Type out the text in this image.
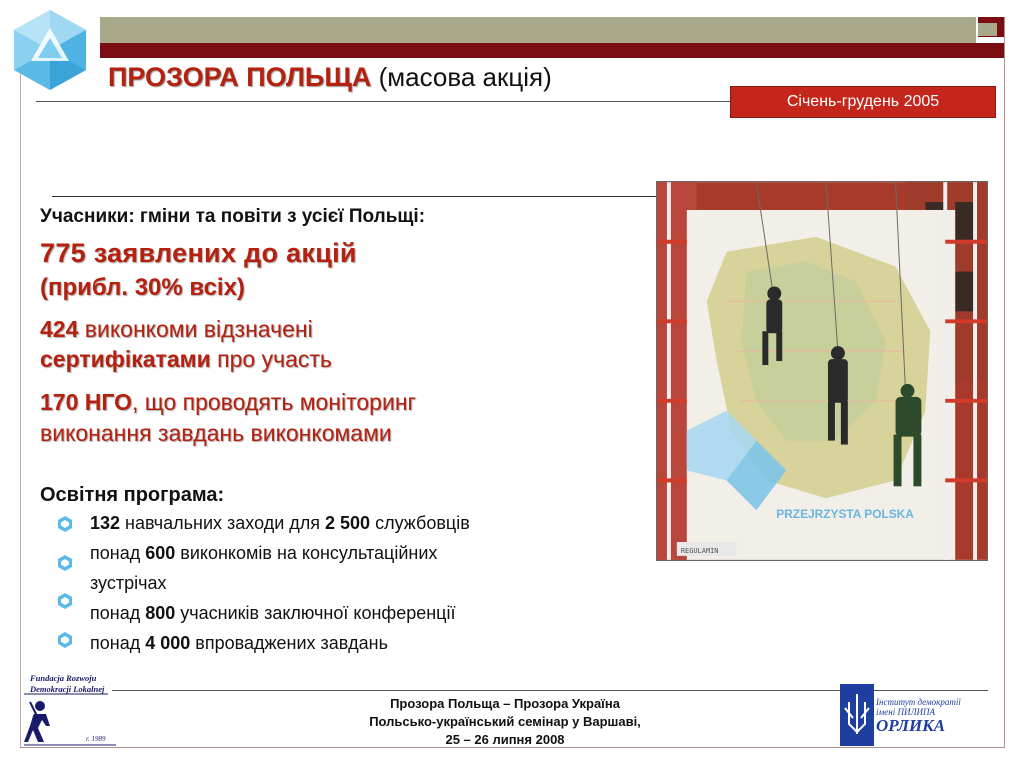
ПРОЗОРА ПОЛЬЩА (масова акція)
Січень-грудень 2005
Учасники: гміни та повіти з усієї Польщі:
775 заявлених до акцій
(прибл. 30% всіх)
424 виконкоми відзначені
сертифікатами про участь
170 НГО, що проводять моніторинг
виконання завдань виконкомами
Освітня програма:
132 навчальних заходи для 2 500 службовців
понад 600 виконкомів на консультаційних
зустрічах
понад 800 учасників заключної конференції
понад 4 000 впроваджених завдань
PRZEJRZYSTA POLSKA
REGULAMIN
Прозора Польща – Прозора Україна
Польсько-український семінар у Варшаві,
25 – 26 липня 2008
Fundacja Rozwoju
Demokracji Lokalnej
r. 1989
Інститут демократії
імені ПИЛИПА
ОРЛИКА
